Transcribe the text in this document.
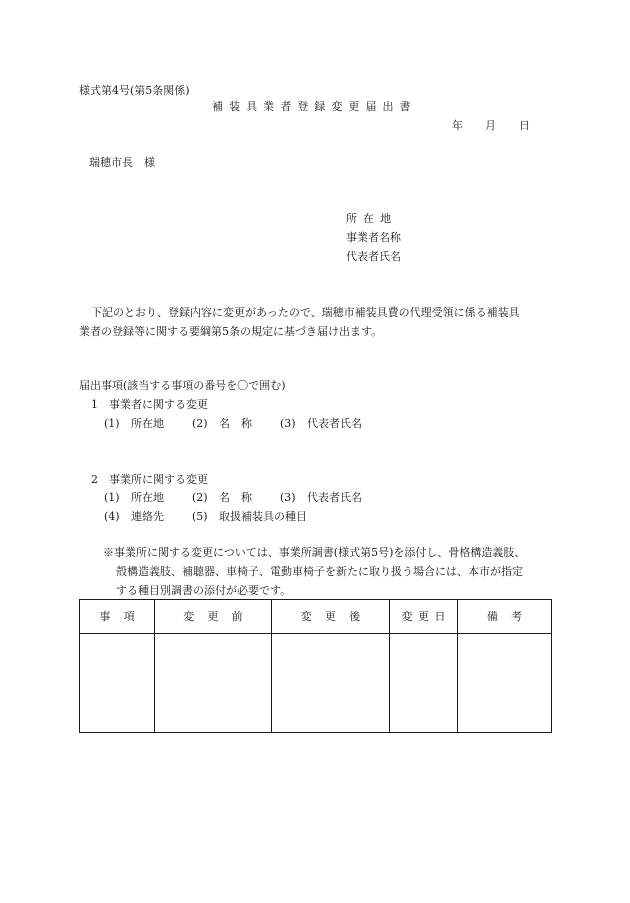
様式第4号(第5条関係)
補装具業者登録変更届出書
年 月 日
瑞穂市長　様
所在地
事業者名称
代表者氏名
下記のとおり、登録内容に変更があったので、瑞穂市補装具費の代理受領に係る補装具
業者の登録等に関する要綱第5条の規定に基づき届け出ます。
届出事項(該当する事項の番号を〇で囲む)
1　事業者に関する変更
(1) 所在地	(2) 名　称	(3) 代表者氏名
2　事業所に関する変更
(1) 所在地	(2) 名　称	(3) 代表者氏名
(4) 連絡先	(5) 取扱補装具の種目
※事業所に関する変更については、事業所調書(様式第5号)を添付し、骨格構造義肢、
殻構造義肢、補聴器、車椅子、電動車椅子を新たに取り扱う場合には、本市が指定
する種目別調書の添付が必要です。
事項	変更前	変更後	変更日	備考
